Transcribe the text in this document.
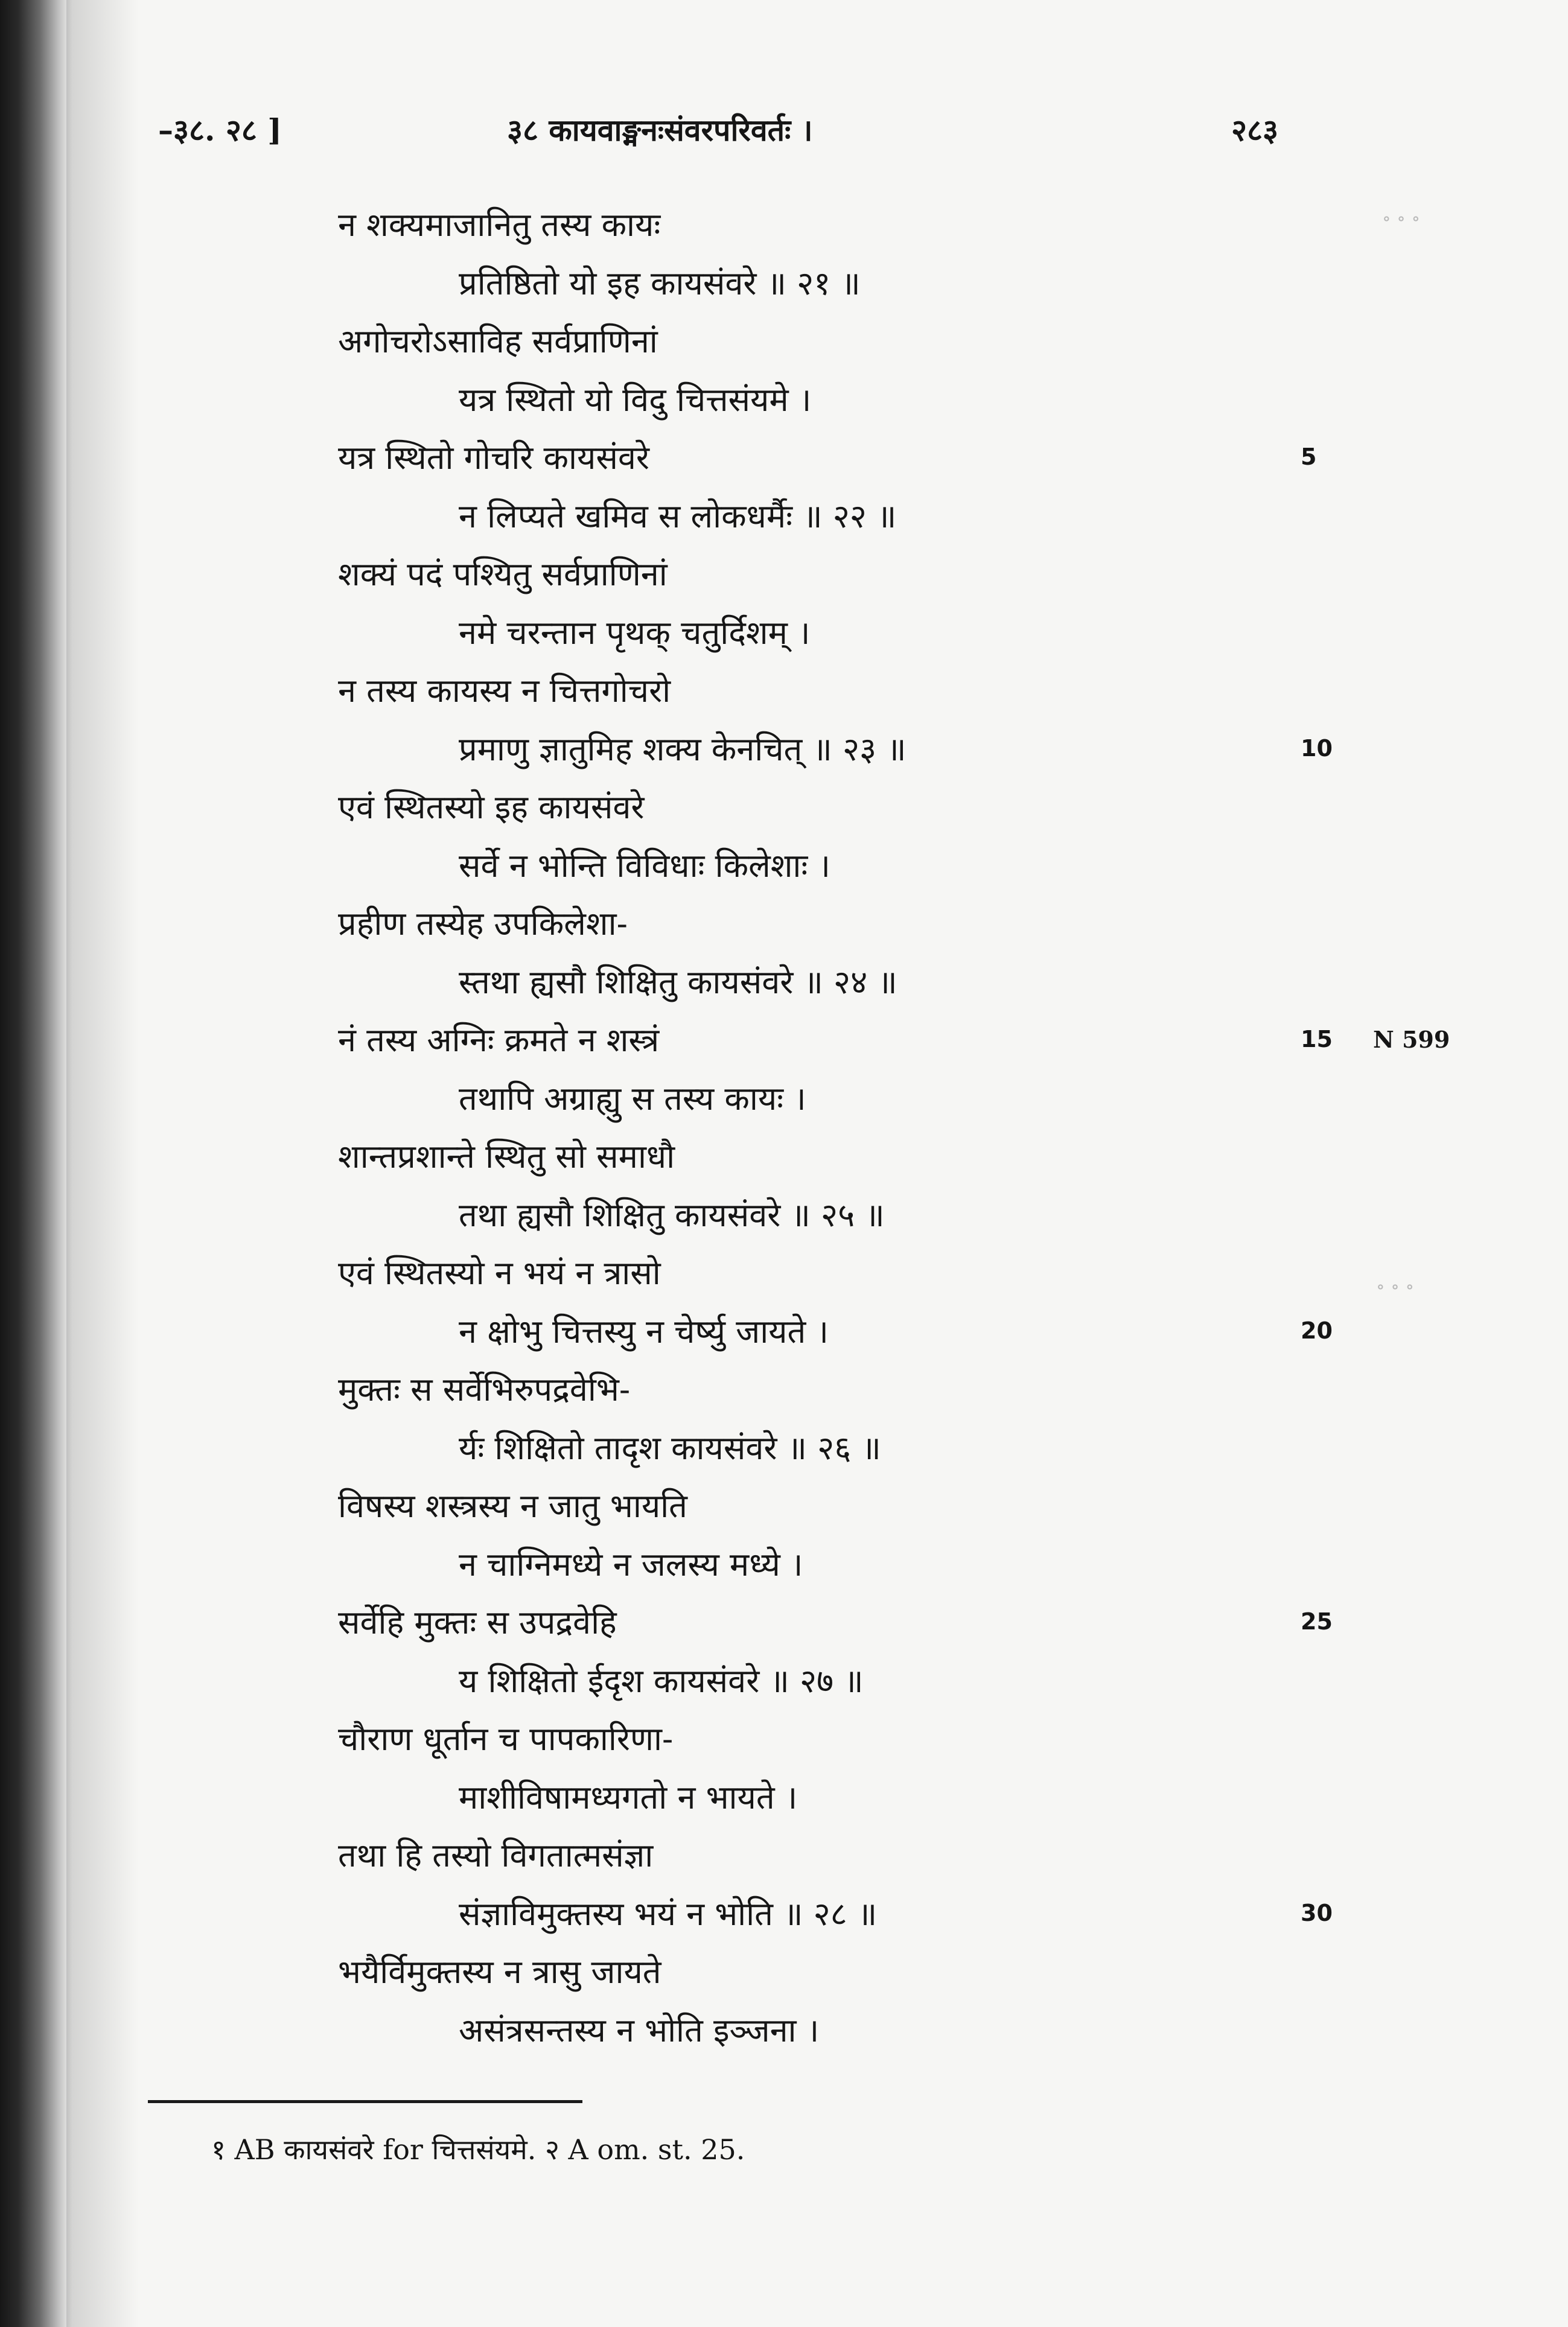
–३८. २८ ]	३८ कायवाङ्मनःसंवरपरिवर्तः ।	२८३
न शक्यमाजानितु तस्य कायः
प्रतिष्ठितो यो इह कायसंवरे ॥ २१ ॥
अगोचरोऽसाविह सर्वप्राणिनां
यत्र स्थितो यो विदु चित्तसंयमे ।
यत्र स्थितो गोचरि कायसंवरे
न लिप्यते खमिव स लोकधर्मैः ॥ २२ ॥
शक्यं पदं पश्यितु सर्वप्राणिनां
नमे चरन्तान पृथक् चतुर्दिशम् ।
न तस्य कायस्य न चित्तगोचरो
प्रमाणु ज्ञातुमिह शक्य केनचित् ॥ २३ ॥
एवं स्थितस्यो इह कायसंवरे
सर्वे न भोन्ति विविधाः किलेशाः ।
प्रहीण तस्येह उपकिलेशा-
स्तथा ह्यसौ शिक्षितु कायसंवरे ॥ २४ ॥
नं तस्य अग्निः क्रमते न शस्त्रं
तथापि अग्राह्यु स तस्य कायः ।
शान्तप्रशान्ते स्थितु सो समाधौ
तथा ह्यसौ शिक्षितु कायसंवरे ॥ २५ ॥
एवं स्थितस्यो न भयं न त्रासो
न क्षोभु चित्तस्यु न चेर्ष्यु जायते ।
मुक्तः स सर्वेभिरुपद्रवेभि-
र्यः शिक्षितो तादृश कायसंवरे ॥ २६ ॥
विषस्य शस्त्रस्य न जातु भायति
न चाग्निमध्ये न जलस्य मध्ये ।
सर्वेहि मुक्तः स उपद्रवेहि
य शिक्षितो ईदृश कायसंवरे ॥ २७ ॥
चौराण धूर्तान च पापकारिणा-
माशीविषामध्यगतो न भायते ।
तथा हि तस्यो विगतात्मसंज्ञा
संज्ञाविमुक्तस्य भयं न भोति ॥ २८ ॥
भयैर्विमुक्तस्य न त्रासु जायते
असंत्रसन्तस्य न भोति इञ्जना ।
5
10
15 N 599
20
25
30
१ AB कायसंवरे for चित्तसंयमे. २ A om. st. 25.
∘ ∘ ∘
∘ ∘ ∘
